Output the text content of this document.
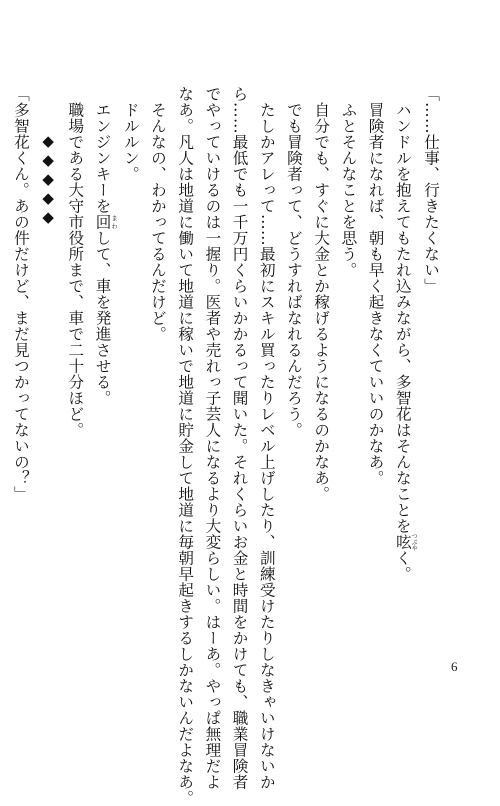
「……仕事、行きたくない」
ハンドルを抱えてもたれ込みながら、多智花はそんなことを呟つぶやく。
冒険者になれば、朝も早く起きなくていいのかなあ。
ふとそんなことを思う。
自分でも、すぐに大金とか稼げるようになるのかなあ。
でも冒険者って、どうすればなれるんだろう。
たしかアレって……最初にスキル買ったりレベル上げしたり、訓練受けたりしなきゃいけないか
ら……最低でも一千万円くらいかかるって聞いた。それくらいお金と時間をかけても、職業冒険者
でやっていけるのは一握り。医者や売れっ子芸人になるより大変らしい。はーあ。やっぱ無理だよ
なあ。凡人は地道に働いて地道に稼いで地道に貯金して地道に毎朝早起きするしかないんだよなあ。
そんなの、わかってるんだけど。
ドルルン。
エンジンキーを回まわして、車を発進させる。
職場である大守市役所まで、車で二十分ほど。
◆◆◆◆◆
「多智花くん。あの件だけど、まだ見つかってないの？」
6
